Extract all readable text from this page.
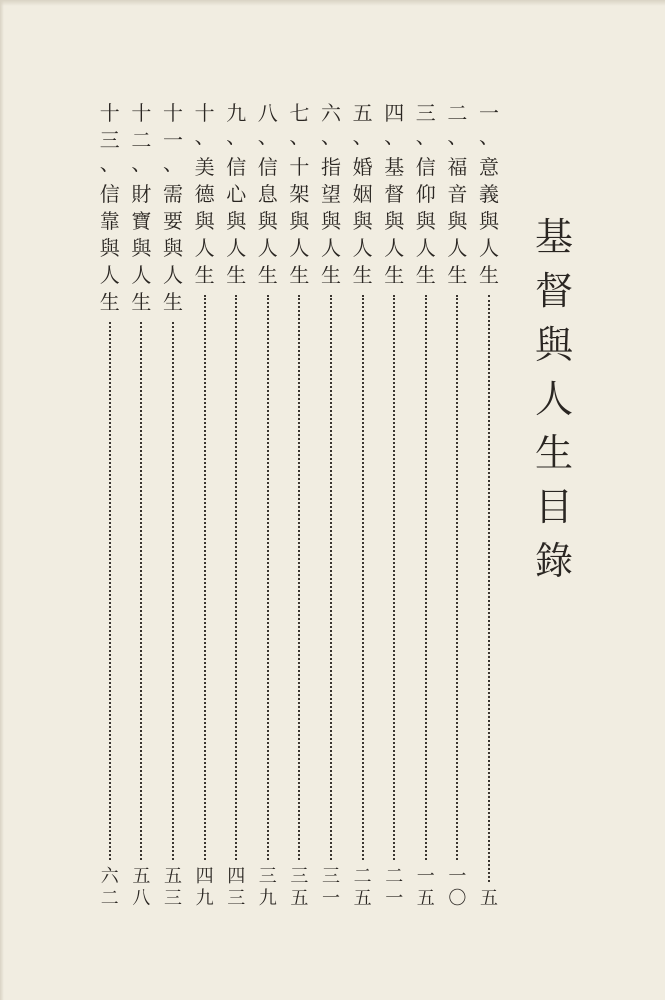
基
督
與
人
生
目
錄
一
、
意
義
與
人
生
五
二
、
福
音
與
人
生
一
〇
三
、
信
仰
與
人
生
一
五
四
、
基
督
與
人
生
二
一
五
、
婚
姻
與
人
生
二
五
六
、
指
望
與
人
生
三
一
七
、
十
架
與
人
生
三
五
八
、
信
息
與
人
生
三
九
九
、
信
心
與
人
生
四
三
十
、
美
德
與
人
生
四
九
十
一
、
需
要
與
人
生
五
三
十
二
、
財
寶
與
人
生
五
八
十
三
、
信
靠
與
人
生
六
二
